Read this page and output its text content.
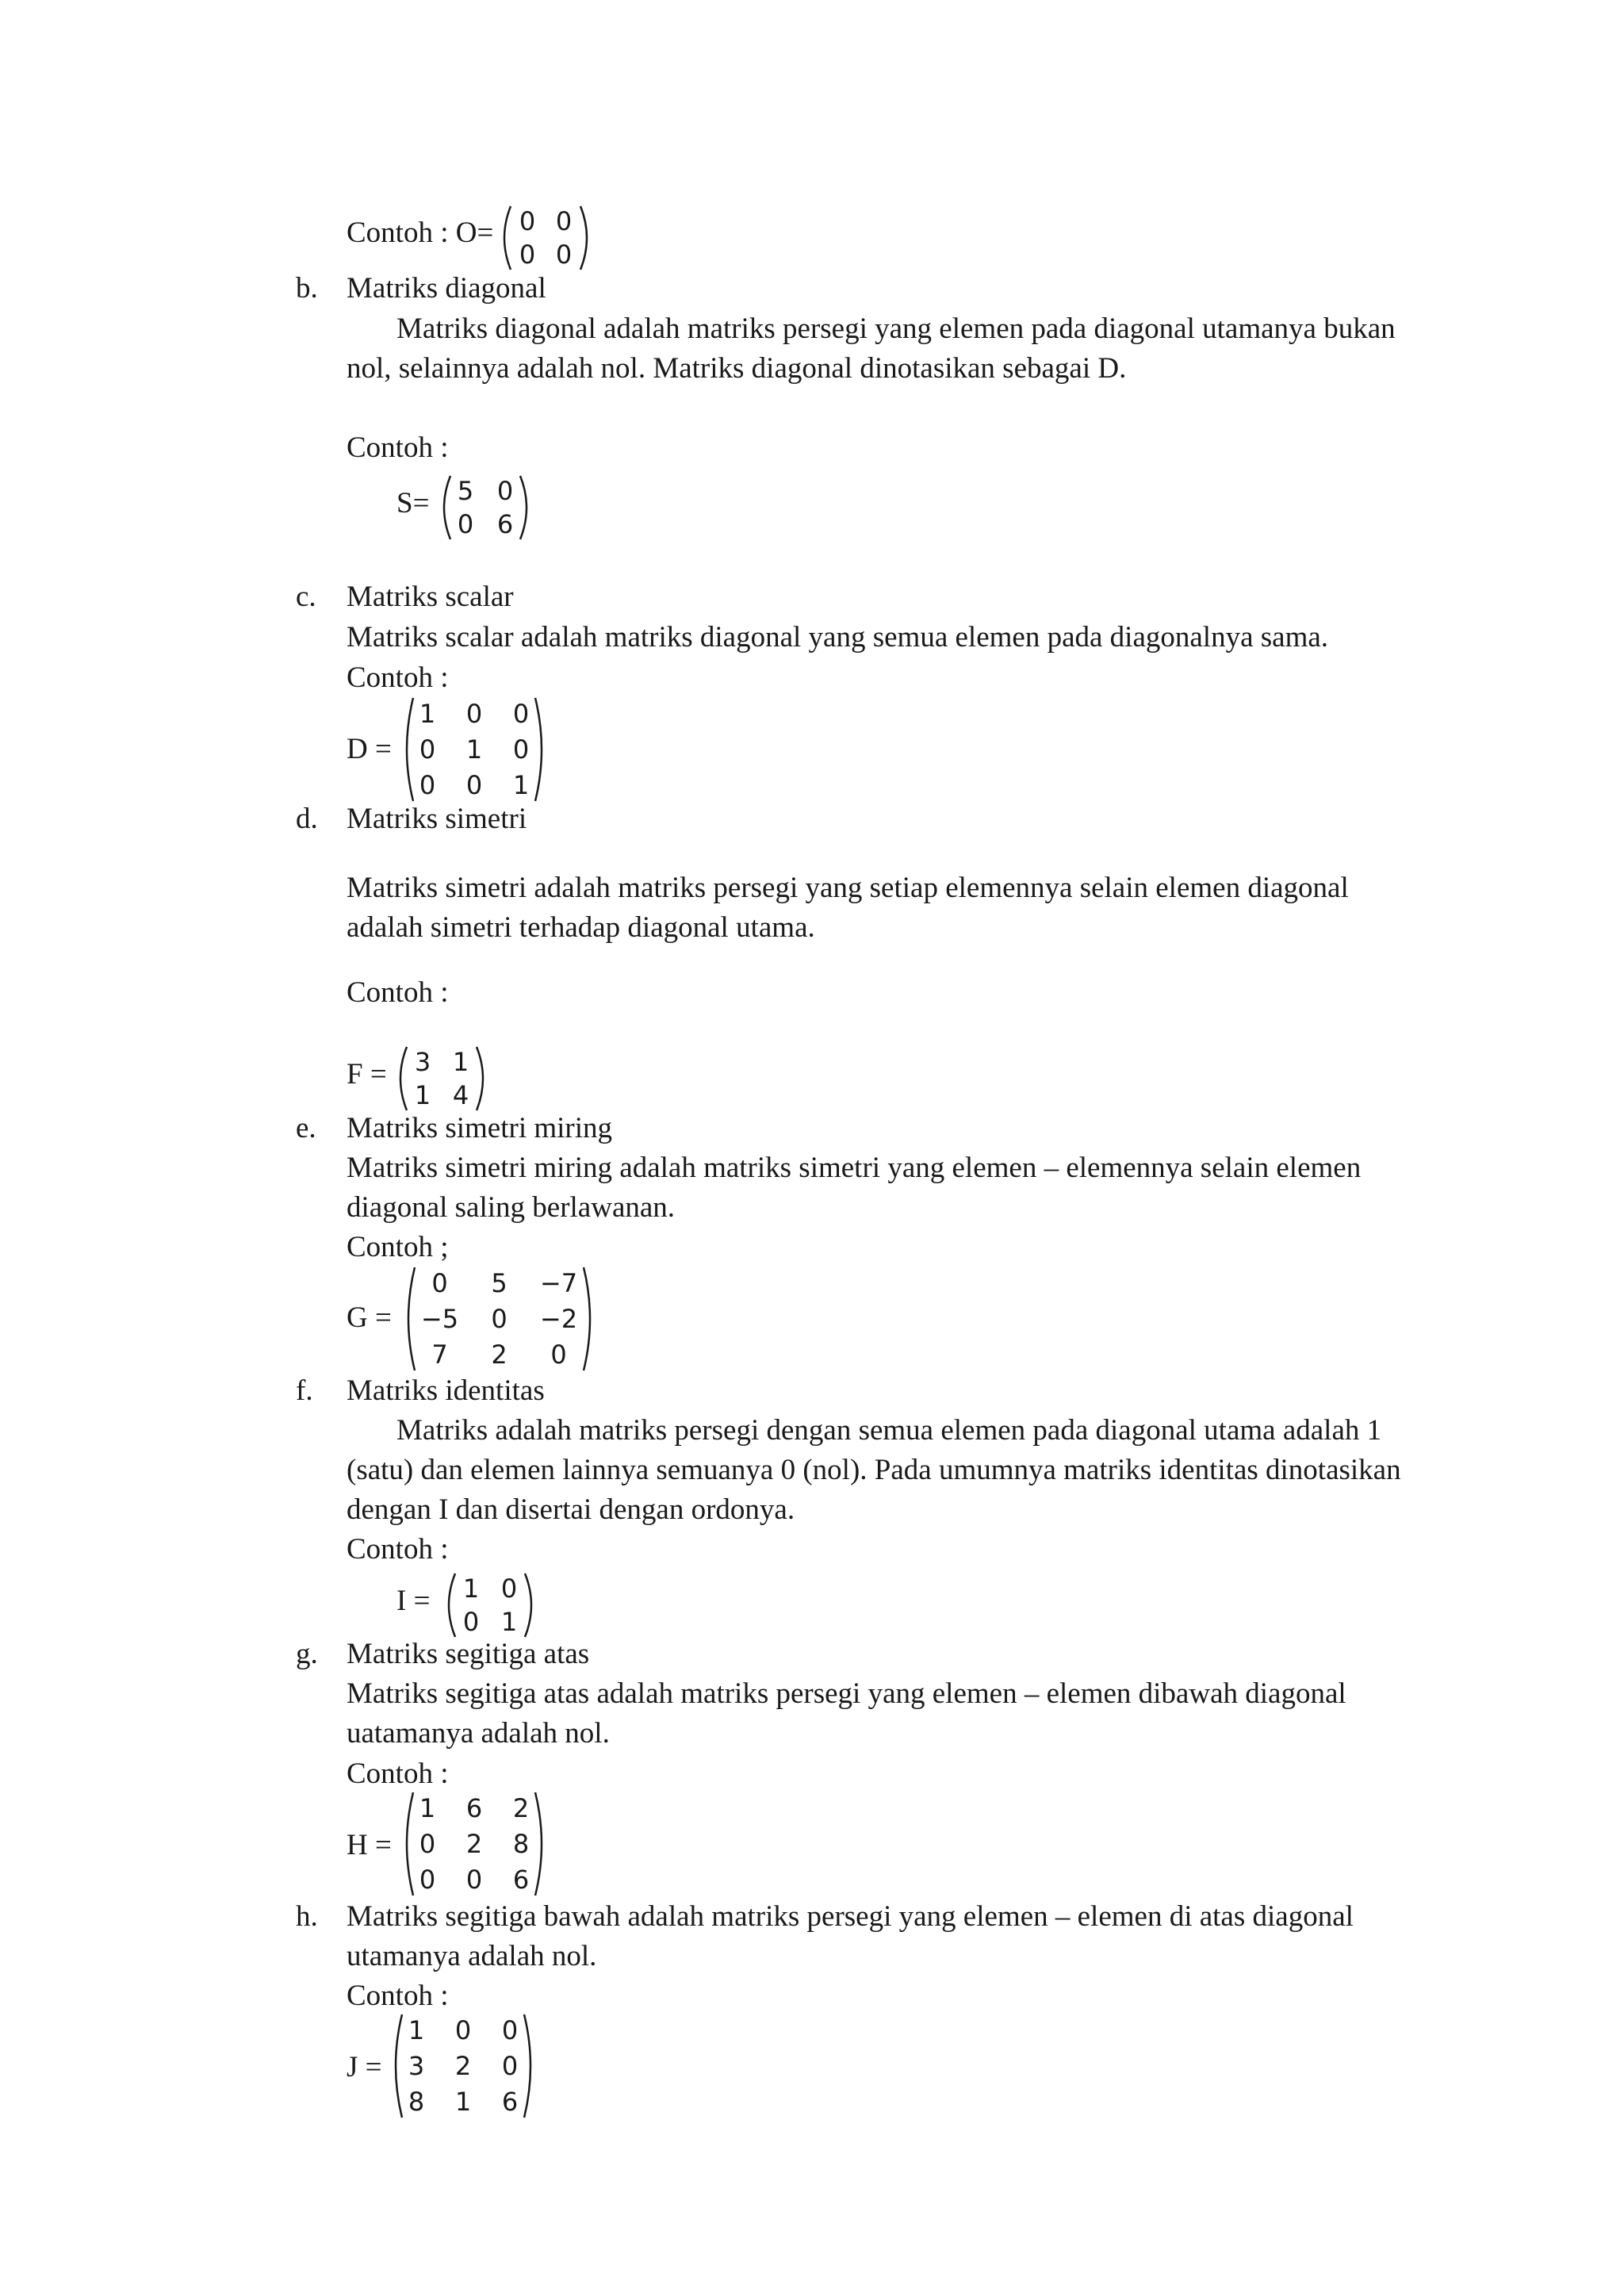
Contoh : O=	0 0
0 0
b. Matriks diagonal
Matriks diagonal adalah matriks persegi yang elemen pada diagonal utamanya bukan
nol, selainnya adalah nol. Matriks diagonal dinotasikan sebagai D.
Contoh :
S=	5 0
0 6
c. Matriks scalar
Matriks scalar adalah matriks diagonal yang semua elemen pada diagonalnya sama.
Contoh :
D =
1	0	0
0	1	0
0	0	1
d. Matriks simetri
Matriks simetri adalah matriks persegi yang setiap elemennya selain elemen diagonal
adalah simetri terhadap diagonal utama.
Contoh :
F =	3 1
1 4
e. Matriks simetri miring
Matriks simetri miring adalah matriks simetri yang elemen – elemennya selain elemen
diagonal saling berlawanan.
Contoh ;
G =
0	5	−7
−5	0	−2
7	2	0
f. Matriks identitas
Matriks adalah matriks persegi dengan semua elemen pada diagonal utama adalah 1
(satu) dan elemen lainnya semuanya 0 (nol). Pada umumnya matriks identitas dinotasikan
dengan I dan disertai dengan ordonya.
Contoh :
I =	1 0
0 1
g. Matriks segitiga atas
Matriks segitiga atas adalah matriks persegi yang elemen – elemen dibawah diagonal
uatamanya adalah nol.
Contoh :
H =
1	6	2
0	2	8
0	0	6
h. Matriks segitiga bawah adalah matriks persegi yang elemen – elemen di atas diagonal
utamanya adalah nol.
Contoh :
J =
1	0	0
3	2	0
8	1	6
